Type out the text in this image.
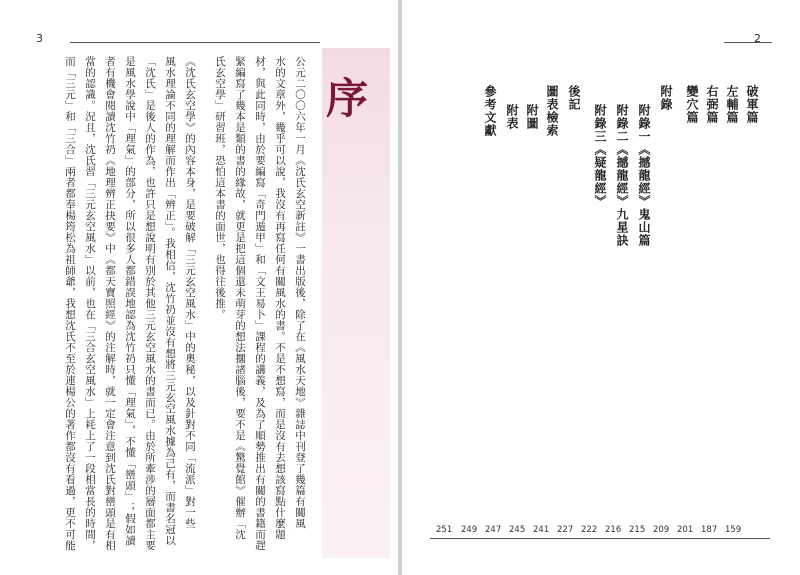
3
公元二〇〇六年一月《沈氏玄空新註》一書出版後，除了在《風水天地》雜誌中刊登了幾篇有關風
水的文章外，幾乎可以說，我沒有再寫任何有關風水的書。不是不想寫，而是沒有去想該寫點什麼題
材，與此同時，由於要編寫「奇門遁甲」和「文王易卜」課程的講義，及為了順勢推出有關的書籍而趕
緊編寫了幾本是類的書的緣故，就更是把這個還未萌芽的想法擱諸腦後，要不是《驚覺館》催辦「沈
氏玄空學」研習班，恐怕這本書的面世，也得往後推。
《沈氏玄空學》的內容本身，是要破解「三元玄空風水」中的奧秘，以及針對不同「流派」對一些
風水理論不同的理解而作出「辨正」。我相信，沈竹礽並沒有想將三元玄空風水據為己有，而書名冠以
「沈氏」是後人的作為，也許只是想說明有別於其他三元玄空風水的書而已。由於所牽涉的層面都主要
是風水學說中「理氣」的部分，所以很多人都錯誤地認為沈竹礽只懂「理氣」，不懂「巒頭」；假如讀
者有機會閱讀沈竹礽《地理辨正抉要》中《都天寶照經》的注解時，就一定會注意到沈氏對巒頭是有相
當的認識。況且，沈氏習「三元玄空風水」以前，也在「三合玄空風水」上耗上了一段相當長的時間，
而「三元」和「三合」兩者都奉楊筠松為祖師爺，我想沈氏不至於連楊公的著作都沒有看過，更不可能	序
2
破軍篇
左輔篇
右弼篇
變穴篇
附錄
附錄一《撼龍經》鬼山篇
附錄二《撼龍經》九星訣
附錄三《疑龍經》
後記
圖表檢索
附圖
附表
參考文獻
251 249 247 245 241 227 222 216 215 209 201 187 159
